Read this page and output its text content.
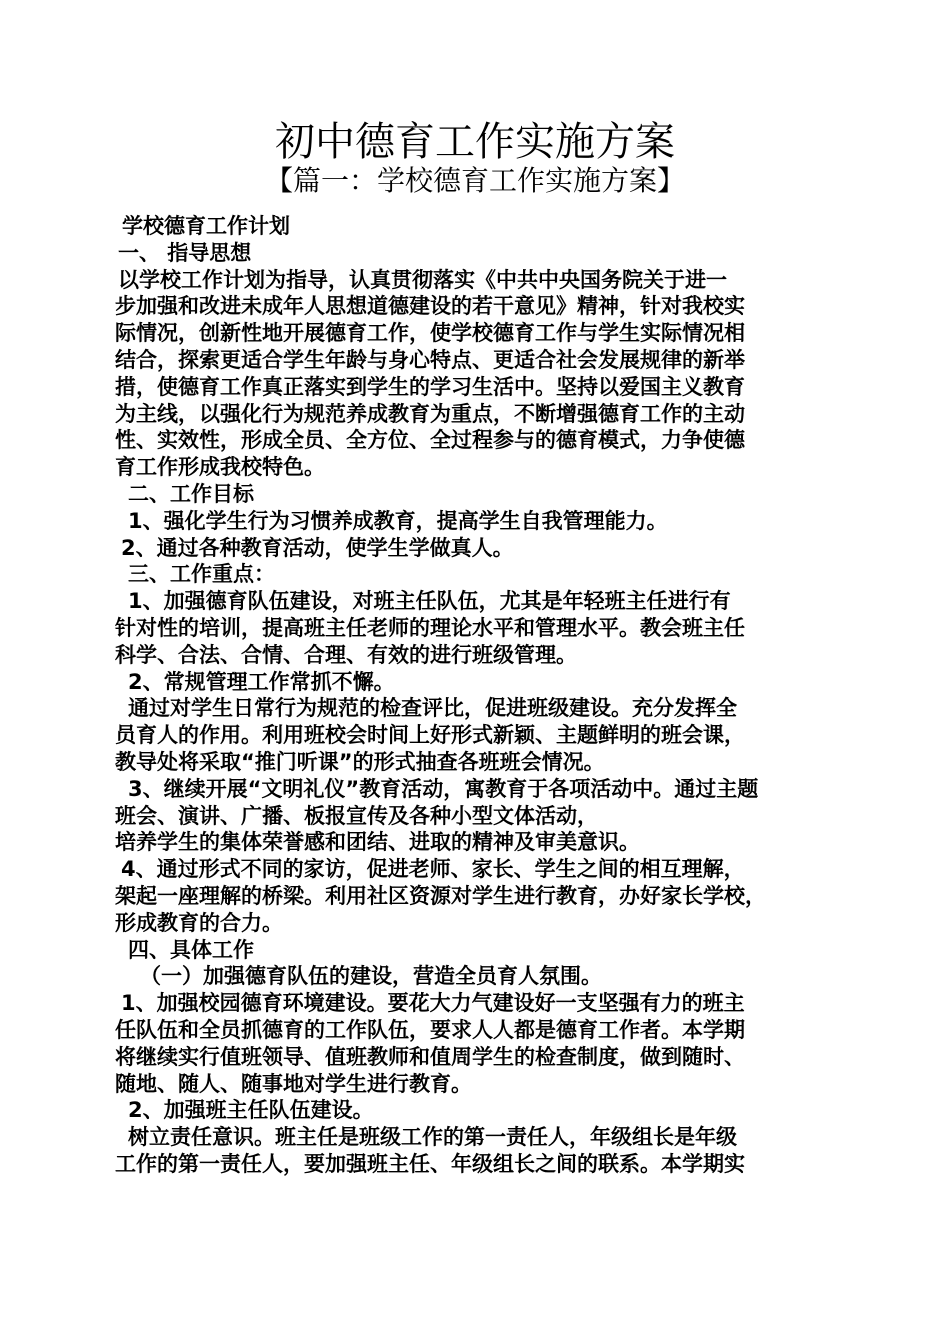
初中德育工作实施方案
【篇一：学校德育工作实施方案】
学校德育工作计划
一、 指导思想
以学校工作计划为指导，认真贯彻落实《中共中央国务院关于进一
步加强和改进未成年人思想道德建设的若干意见》精神，针对我校实
际情况，创新性地开展德育工作，使学校德育工作与学生实际情况相
结合，探索更适合学生年龄与身心特点、更适合社会发展规律的新举
措，使德育工作真正落实到学生的学习生活中。坚持以爱国主义教育
为主线，以强化行为规范养成教育为重点，不断增强德育工作的主动
性、实效性，形成全员、全方位、全过程参与的德育模式，力争使德
育工作形成我校特色。
二、工作目标
1、强化学生行为习惯养成教育，提高学生自我管理能力。
2、通过各种教育活动，使学生学做真人。
三、工作重点：
1、加强德育队伍建设，对班主任队伍，尤其是年轻班主任进行有
针对性的培训，提高班主任老师的理论水平和管理水平。教会班主任
科学、合法、合情、合理、有效的进行班级管理。
2、常规管理工作常抓不懈。
通过对学生日常行为规范的检查评比，促进班级建设。充分发挥全
员育人的作用。利用班校会时间上好形式新颖、主题鲜明的班会课，
教导处将采取“推门听课”的形式抽查各班班会情况。
3、继续开展“文明礼仪”教育活动，寓教育于各项活动中。通过主题
班会、演讲、广播、板报宣传及各种小型文体活动，
培养学生的集体荣誉感和团结、进取的精神及审美意识。
4、通过形式不同的家访，促进老师、家长、学生之间的相互理解，
架起一座理解的桥梁。利用社区资源对学生进行教育，办好家长学校，
形成教育的合力。
四、具体工作
（一）加强德育队伍的建设，营造全员育人氛围。
1、加强校园德育环境建设。要花大力气建设好一支坚强有力的班主
任队伍和全员抓德育的工作队伍，要求人人都是德育工作者。本学期
将继续实行值班领导、值班教师和值周学生的检查制度，做到随时、
随地、随人、随事地对学生进行教育。
2、加强班主任队伍建设。
树立责任意识。班主任是班级工作的第一责任人，年级组长是年级
工作的第一责任人，要加强班主任、年级组长之间的联系。本学期实
